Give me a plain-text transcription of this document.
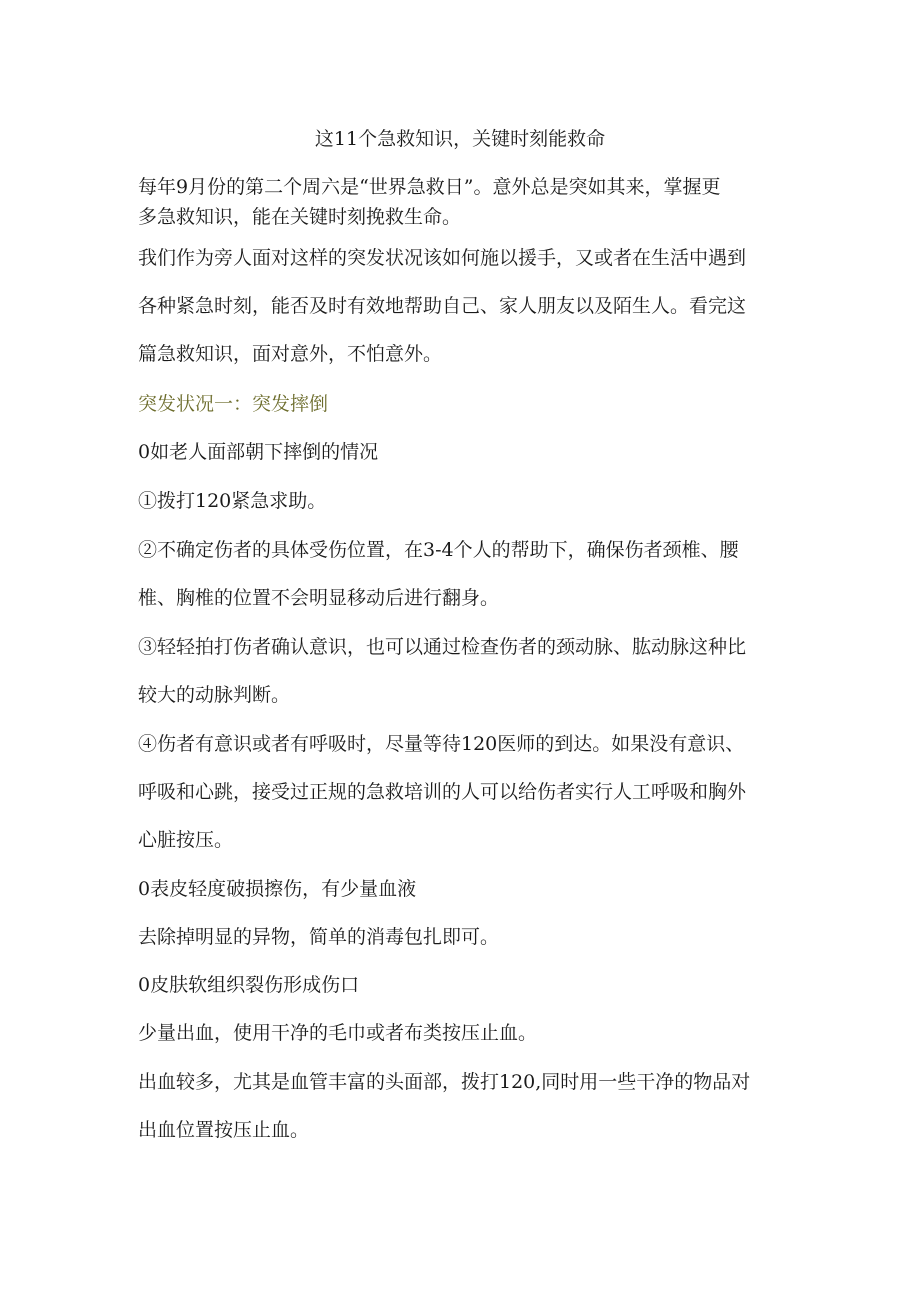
这11个急救知识，关键时刻能救命
每年9月份的第二个周六是“世界急救日”。意外总是突如其来，掌握更
多急救知识，能在关键时刻挽救生命。
我们作为旁人面对这样的突发状况该如何施以援手，又或者在生活中遇到
各种紧急时刻，能否及时有效地帮助自己、家人朋友以及陌生人。看完这
篇急救知识，面对意外，不怕意外。
突发状况一：突发摔倒
0如老人面部朝下摔倒的情况
①拨打120紧急求助。
②不确定伤者的具体受伤位置，在3-4个人的帮助下，确保伤者颈椎、腰
椎、胸椎的位置不会明显移动后进行翻身。
③轻轻拍打伤者确认意识，也可以通过检查伤者的颈动脉、肱动脉这种比
较大的动脉判断。
④伤者有意识或者有呼吸时，尽量等待120医师的到达。如果没有意识、
呼吸和心跳，接受过正规的急救培训的人可以给伤者实行人工呼吸和胸外
心脏按压。
0表皮轻度破损擦伤，有少量血液
去除掉明显的异物，简单的消毒包扎即可。
0皮肤软组织裂伤形成伤口
少量出血，使用干净的毛巾或者布类按压止血。
出血较多，尤其是血管丰富的头面部，拨打120,同时用一些干净的物品对
出血位置按压止血。
